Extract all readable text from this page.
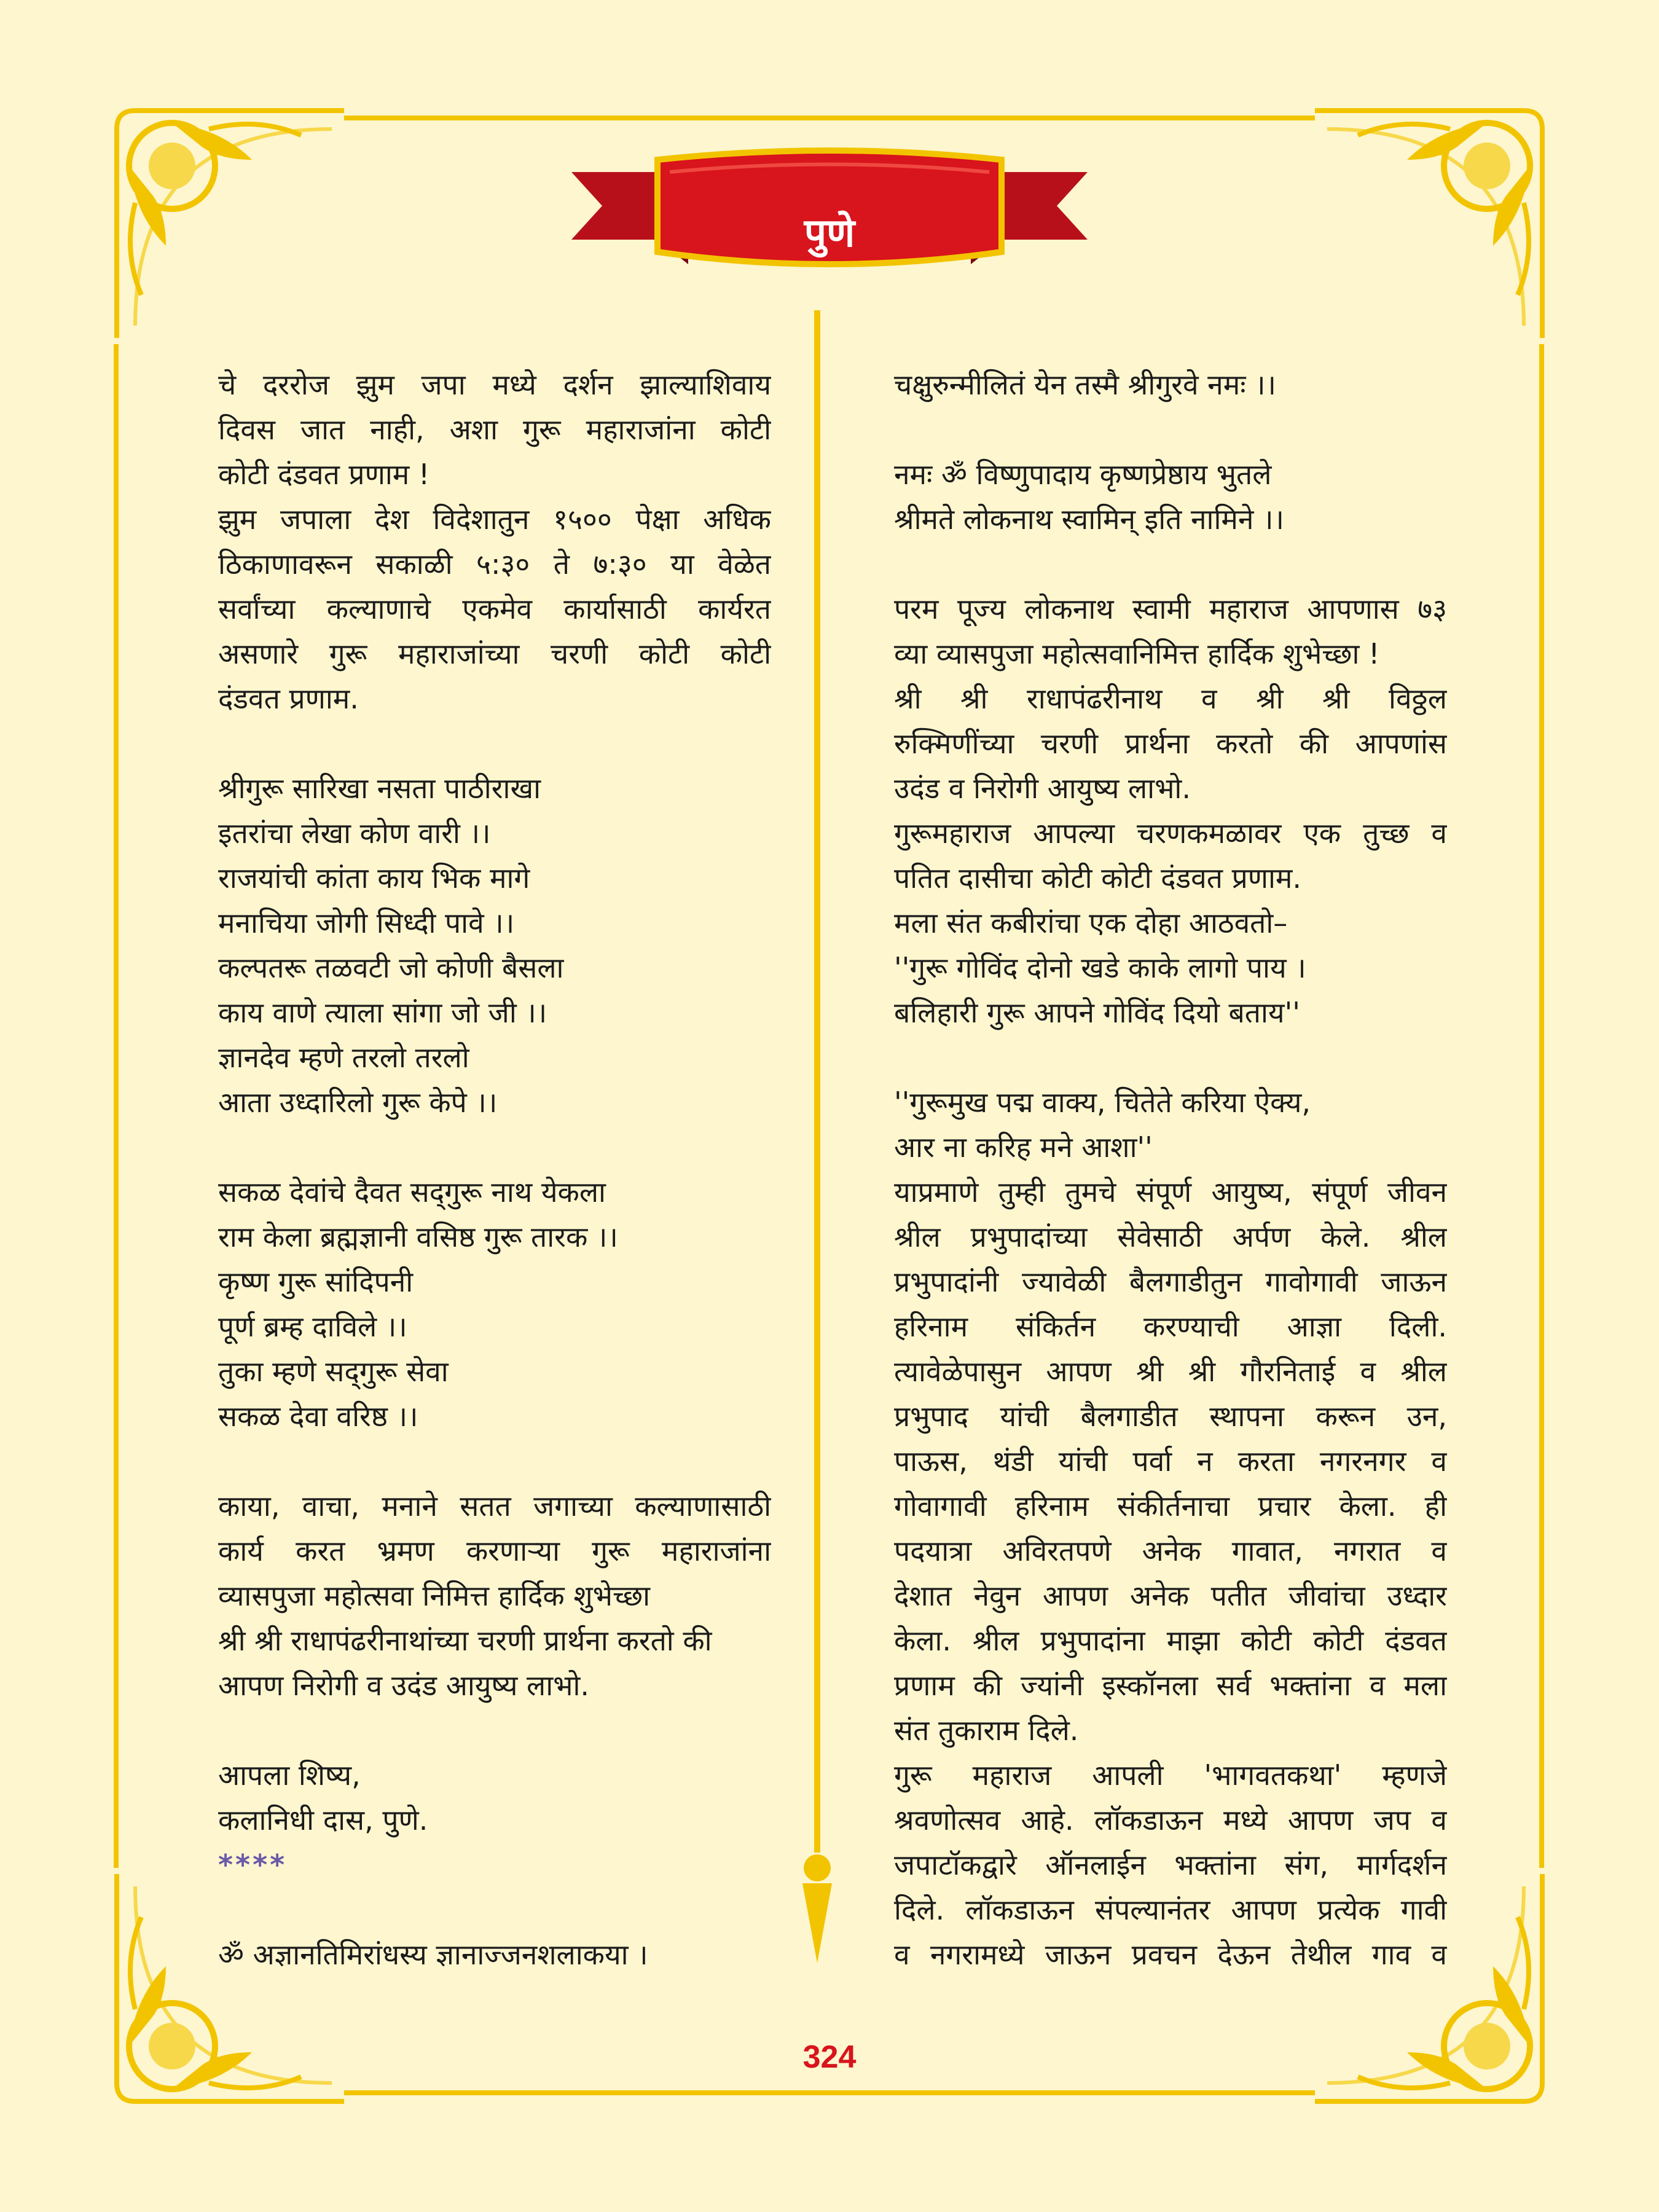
पुणे
चे दररोज झुम जपा मध्ये दर्शन झाल्याशिवाय
दिवस जात नाही, अशा गुरू महाराजांना कोटी
कोटी दंडवत प्रणाम !
झुम जपाला देश विदेशातुन १५०० पेक्षा अधिक
ठिकाणावरून सकाळी ५:३० ते ७:३० या वेळेत
सर्वांच्या कल्याणाचे एकमेव कार्यासाठी कार्यरत
असणारे गुरू महाराजांच्या चरणी कोटी कोटी
दंडवत प्रणाम.
श्रीगुरू सारिखा नसता पाठीराखा
इतरांचा लेखा कोण वारी ।।
राजयांची कांता काय भिक मागे
मनाचिया जोगी सिध्दी पावे ।।
कल्पतरू तळवटी जो कोणी बैसला
काय वाणे त्याला सांगा जो जी ।।
ज्ञानदेव म्हणे तरलो तरलो
आता उध्दारिलो गुरू केपे ।।
सकळ देवांचे दैवत सद्‌गुरू नाथ येकला
राम केला ब्रह्मज्ञानी वसिष्ठ गुरू तारक ।।
कृष्ण गुरू सांदिपनी
पूर्ण ब्रम्ह दाविले ।।
तुका म्हणे सद्‌गुरू सेवा
सकळ देवा वरिष्ठ ।।
काया, वाचा, मनाने सतत जगाच्या कल्याणासाठी
कार्य करत भ्रमण करणाऱ्या गुरू महाराजांना
व्यासपुजा महोत्सवा निमित्त हार्दिक शुभेच्छा
श्री श्री राधापंढरीनाथांच्या चरणी प्रार्थना करतो की
आपण निरोगी व उदंड आयुष्य लाभो.
आपला शिष्य,
कलानिधी दास, पुणे.
****
ॐ अज्ञानतिमिरांधस्य ज्ञानाज्जनशलाकया ।
चक्षुरुन्मीलितं येन तस्मै श्रीगुरवे नमः ।।
नमः ॐ विष्णुपादाय कृष्णप्रेष्ठाय भुतले
श्रीमते लोकनाथ स्वामिन् इति नामिने ।।
परम पूज्य लोकनाथ स्वामी महाराज आपणास ७३
व्या व्यासपुजा महोत्सवानिमित्त हार्दिक शुभेच्छा !
श्री श्री राधापंढरीनाथ व श्री श्री विठ्ठल
रुक्मिणींच्या चरणी प्रार्थना करतो की आपणांस
उदंड व निरोगी आयुष्य लाभो.
गुरूमहाराज आपल्या चरणकमळावर एक तुच्छ व
पतित दासीचा कोटी कोटी दंडवत प्रणाम.
मला संत कबीरांचा एक दोहा आठवतो–
''गुरू गोविंद दोनो खडे काके लागो पाय ।
बलिहारी गुरू आपने गोविंद दियो बताय''
''गुरूमुख पद्म वाक्य, चितेते करिया ऐक्य,
आर ना करिह मने आशा''
याप्रमाणे तुम्ही तुमचे संपूर्ण आयुष्य, संपूर्ण जीवन
श्रील प्रभुपादांच्या सेवेसाठी अर्पण केले. श्रील
प्रभुपादांनी ज्यावेळी बैलगाडीतुन गावोगावी जाऊन
हरिनाम संकिर्तन करण्याची आज्ञा दिली.
त्यावेळेपासुन आपण श्री श्री गौरनिताई व श्रील
प्रभुपाद यांची बैलगाडीत स्थापना करून उन,
पाऊस, थंडी यांची पर्वा न करता नगरनगर व
गोवागावी हरिनाम संकीर्तनाचा प्रचार केला. ही
पदयात्रा अविरतपणे अनेक गावात, नगरात व
देशात नेवुन आपण अनेक पतीत जीवांचा उध्दार
केला. श्रील प्रभुपादांना माझा कोटी कोटी दंडवत
प्रणाम की ज्यांनी इस्कॉनला सर्व भक्तांना व मला
संत तुकाराम दिले.
गुरू महाराज आपली 'भागवतकथा' म्हणजे
श्रवणोत्सव आहे. लॉकडाऊन मध्ये आपण जप व
जपाटॉकद्वारे ऑनलाईन भक्तांना संग, मार्गदर्शन
दिले. लॉकडाऊन संपल्यानंतर आपण प्रत्येक गावी
व नगरामध्ये जाऊन प्रवचन देऊन तेथील गाव व
324
